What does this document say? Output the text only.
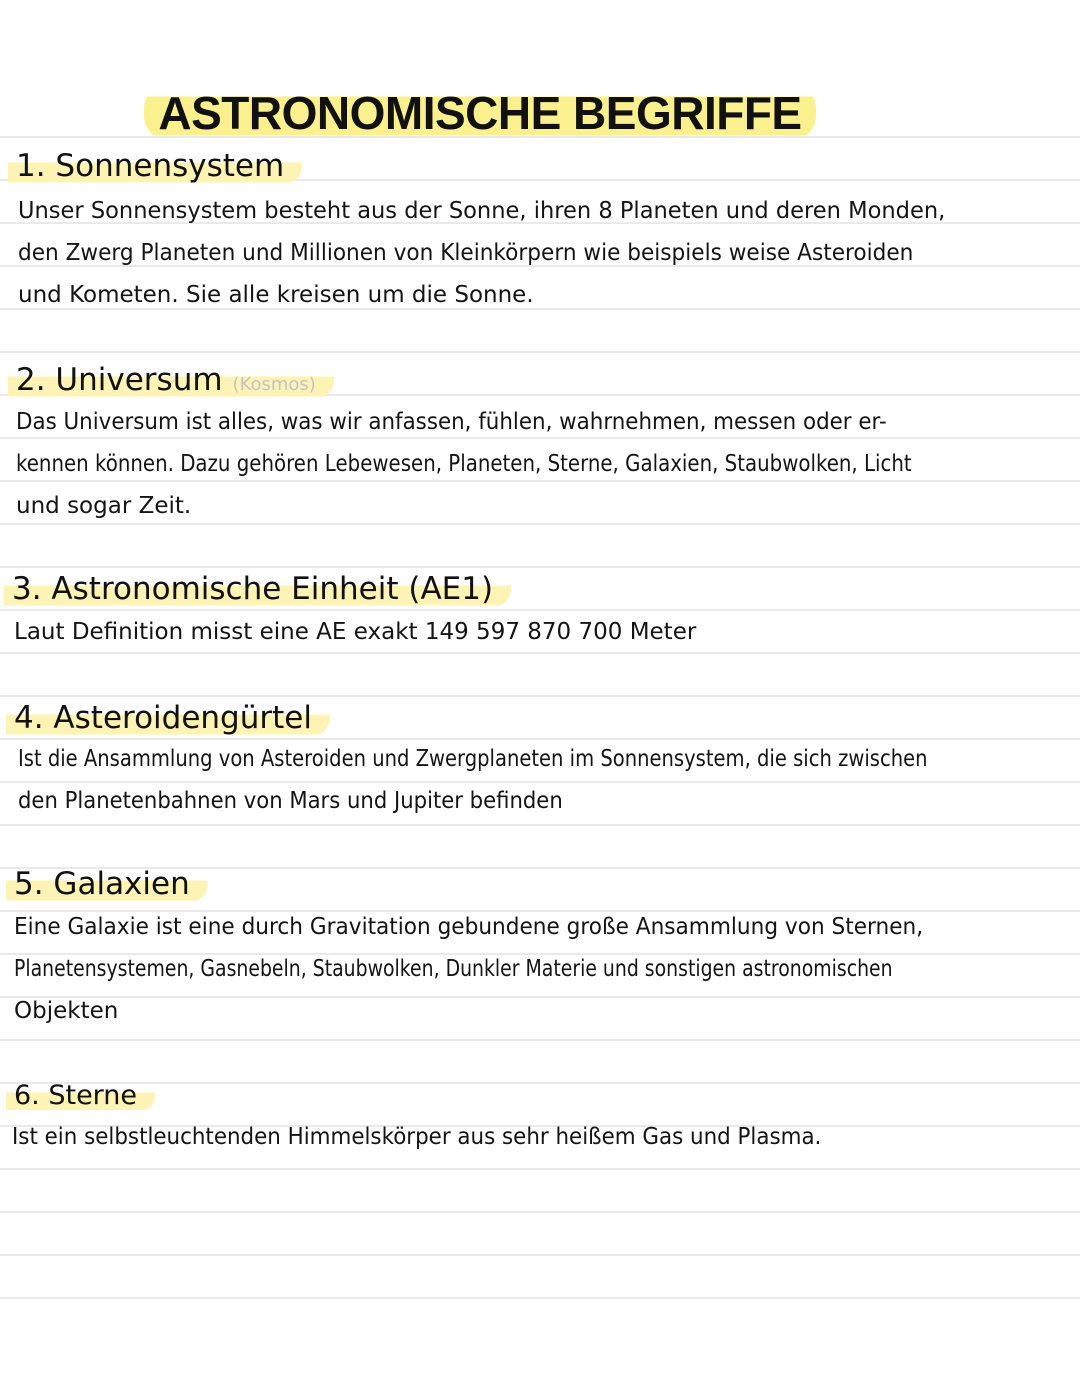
ASTRONOMISCHE BEGRIFFE
1. Sonnensystem
Unser Sonnensystem besteht aus der Sonne, ihren 8 Planeten und deren Monden,
den Zwerg Planeten und Millionen von Kleinkörpern wie beispiels weise Asteroiden
und Kometen. Sie alle kreisen um die Sonne.
2. Universum (Kosmos)
Das Universum ist alles, was wir anfassen, fühlen, wahrnehmen, messen oder er-
kennen können. Dazu gehören Lebewesen, Planeten, Sterne, Galaxien, Staubwolken, Licht
und sogar Zeit.
3. Astronomische Einheit (AE1)
Laut Definition misst eine AE exakt 149 597 870 700 Meter
4. Asteroidengürtel
Ist die Ansammlung von Asteroiden und Zwergplaneten im Sonnensystem, die sich zwischen
den Planetenbahnen von Mars und Jupiter befinden
5. Galaxien
Eine Galaxie ist eine durch Gravitation gebundene große Ansammlung von Sternen,
Planetensystemen, Gasnebeln, Staubwolken, Dunkler Materie und sonstigen astronomischen
Objekten
6. Sterne
Ist ein selbstleuchtenden Himmelskörper aus sehr heißem Gas und Plasma.
